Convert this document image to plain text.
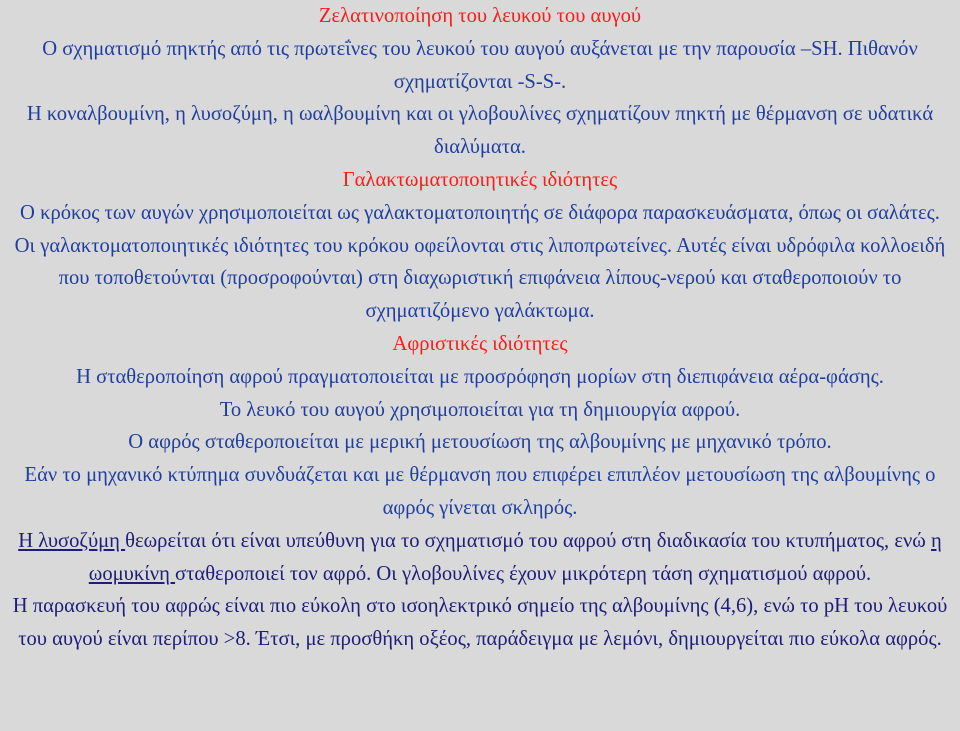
Ζελατινοποίηση του λευκού του αυγού

Ο σχηματισμό πηκτής από τις πρωτεΐνες του λευκού του αυγού αυξάνεται με την παρουσία –SH. Πιθανόν σχηματίζονται -S-S-.

Η κοναλβουμίνη, η λυσοζύμη, η ωαλβουμίνη και οι γλοβουλίνες σχηματίζουν πηκτή με θέρμανση σε υδατικά διαλύματα.

Γαλακτωματοποιητικές ιδιότητες

Ο κρόκος των αυγών χρησιμοποιείται ως γαλακτοματοποιητής σε διάφορα παρασκευάσματα, όπως οι σαλάτες. Οι γαλακτοματοποιητικές ιδιότητες του κρόκου οφείλονται στις λιποπρωτείνες. Αυτές είναι υδρόφιλα κολλοειδή που τοποθετούνται (προσροφούνται) στη διαχωριστική επιφάνεια λίπους-νερού και σταθεροποιούν το σχηματιζόμενο γαλάκτωμα.

Αφριστικές ιδιότητες

Η σταθεροποίηση αφρού πραγματοποιείται με προσρόφηση μορίων στη διεπιφάνεια αέρα-φάσης.

Το λευκό του αυγού χρησιμοποιείται για τη δημιουργία αφρού.

Ο αφρός σταθεροποιείται με μερική μετουσίωση της αλβουμίνης με μηχανικό τρόπο.

Εάν το μηχανικό κτύπημα συνδυάζεται και με θέρμανση που επιφέρει επιπλέον μετουσίωση της αλβουμίνης ο αφρός γίνεται σκληρός.

Η λυσοζύμη θεωρείται ότι είναι υπεύθυνη για το σχηματισμό του αφρού στη διαδικασία του κτυπήματος, ενώ η ωομυκίνη σταθεροποιεί τον αφρό. Οι γλοβουλίνες έχουν μικρότερη τάση σχηματισμού αφρού.

Η παρασκευή του αφρώς είναι πιο εύκολη στο ισοηλεκτρικό σημείο της αλβουμίνης (4,6), ενώ το pH του λευκού του αυγού είναι περίπου >8. Έτσι, με προσθήκη οξέος, παράδειγμα με λεμόνι, δημιουργείται πιο εύκολα αφρός.
